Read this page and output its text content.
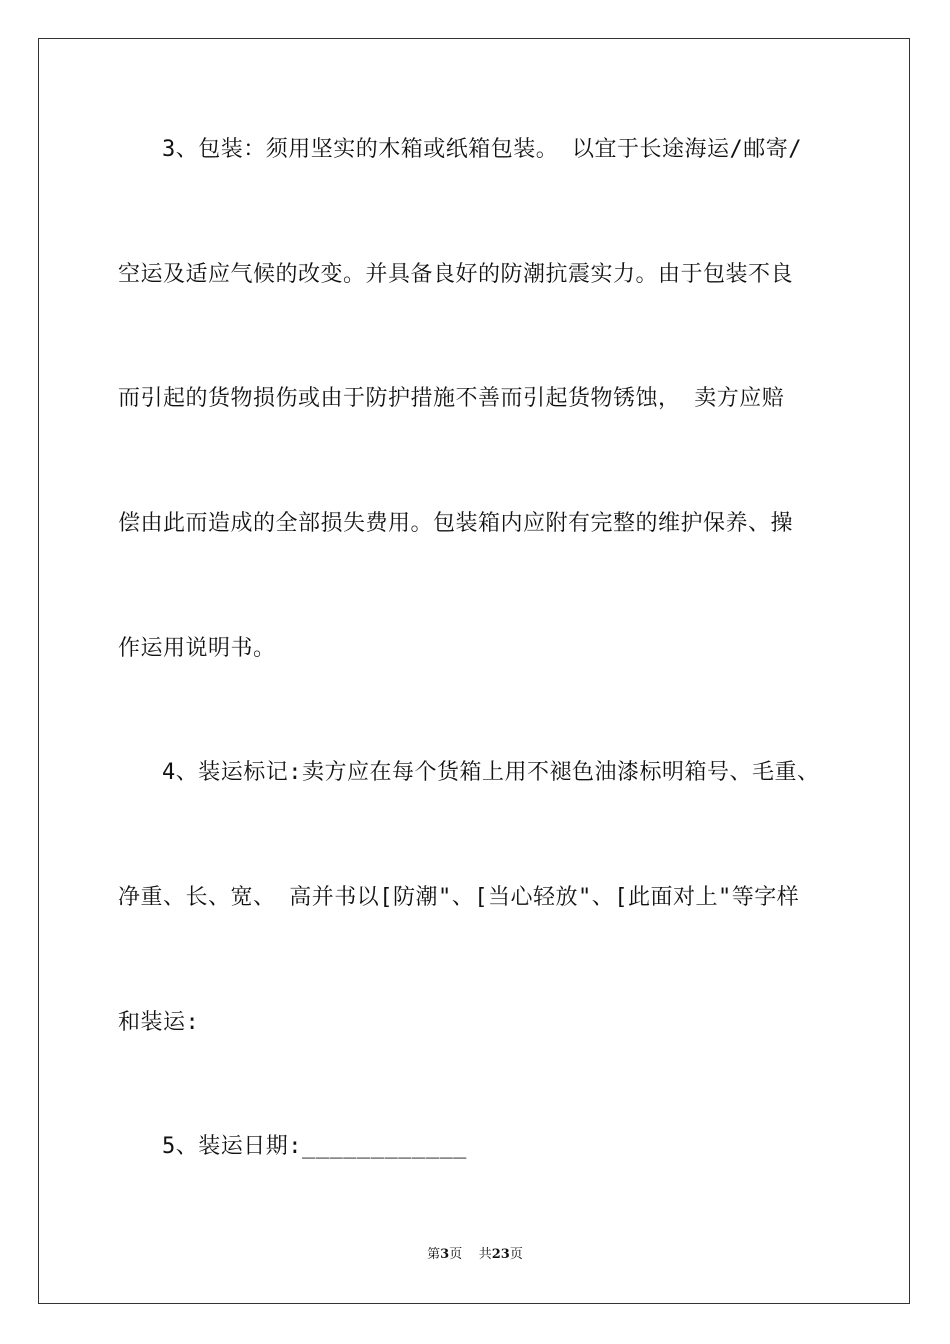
3、包装：须用坚实的木箱或纸箱包装。 以宜于长途海运/邮寄/
空运及适应气候的改变。并具备良好的防潮抗震实力。由于包装不良
而引起的货物损伤或由于防护措施不善而引起货物锈蚀， 卖方应赔
偿由此而造成的全部损失费用。包装箱内应附有完整的维护保养、操
作运用说明书。
4、装运标记:卖方应在每个货箱上用不褪色油漆标明箱号、毛重、
净重、长、宽、 高并书以[防潮"、[当心轻放"、[此面对上"等字样
和装运:
5、装运日期:____________
第3页 共23页
